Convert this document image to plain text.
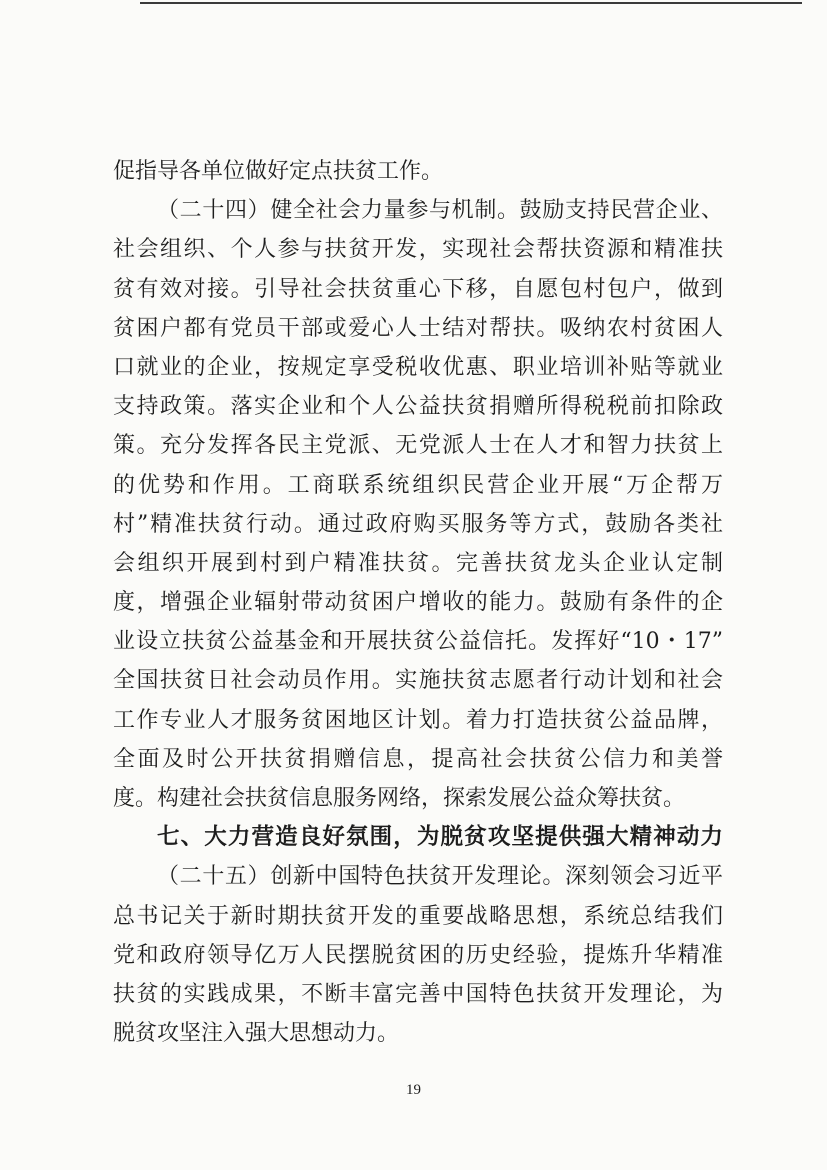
促指导各单位做好定点扶贫工作。
（二十四）健全社会力量参与机制。鼓励支持民营企业、
社会组织、个人参与扶贫开发，实现社会帮扶资源和精准扶
贫有效对接。引导社会扶贫重心下移，自愿包村包户，做到
贫困户都有党员干部或爱心人士结对帮扶。吸纳农村贫困人
口就业的企业，按规定享受税收优惠、职业培训补贴等就业
支持政策。落实企业和个人公益扶贫捐赠所得税税前扣除政
策。充分发挥各民主党派、无党派人士在人才和智力扶贫上
的优势和作用。工商联系统组织民营企业开展“万企帮万
村”精准扶贫行动。通过政府购买服务等方式，鼓励各类社
会组织开展到村到户精准扶贫。完善扶贫龙头企业认定制
度，增强企业辐射带动贫困户增收的能力。鼓励有条件的企
业设立扶贫公益基金和开展扶贫公益信托。发挥好“10・17”
全国扶贫日社会动员作用。实施扶贫志愿者行动计划和社会
工作专业人才服务贫困地区计划。着力打造扶贫公益品牌，
全面及时公开扶贫捐赠信息，提高社会扶贫公信力和美誉
度。构建社会扶贫信息服务网络，探索发展公益众筹扶贫。
七、大力营造良好氛围，为脱贫攻坚提供强大精神动力
（二十五）创新中国特色扶贫开发理论。深刻领会习近平
总书记关于新时期扶贫开发的重要战略思想，系统总结我们
党和政府领导亿万人民摆脱贫困的历史经验，提炼升华精准
扶贫的实践成果，不断丰富完善中国特色扶贫开发理论，为
脱贫攻坚注入强大思想动力。
19
